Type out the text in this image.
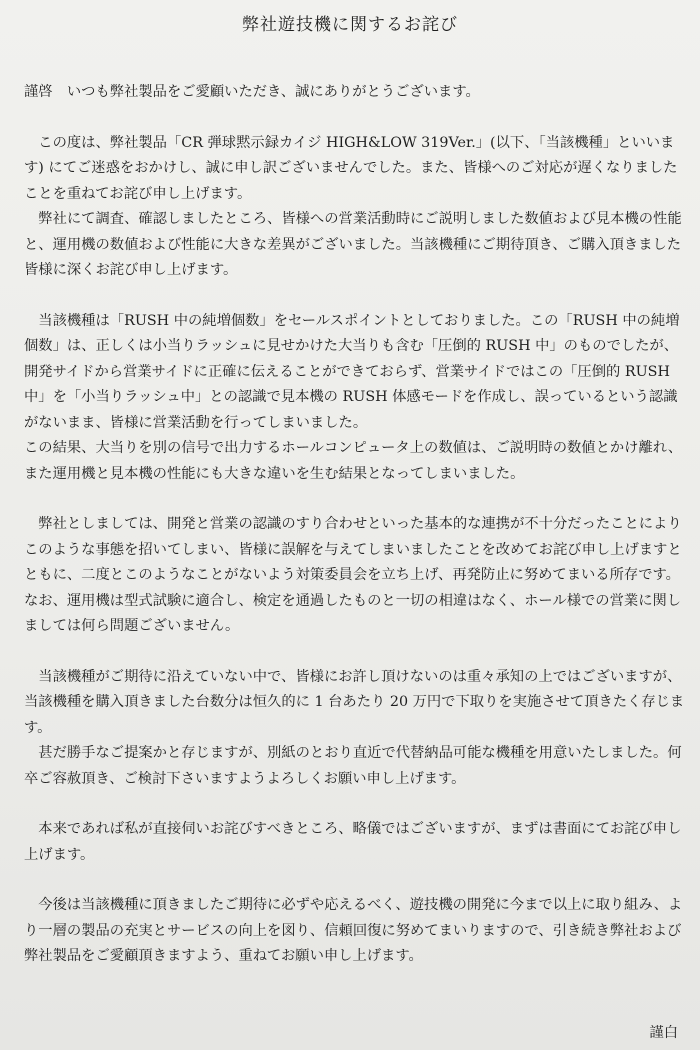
弊社遊技機に関するお詫び

謹啓　いつも弊社製品をご愛顧いただき、誠にありがとうございます。

　この度は、弊社製品「CR 弾球黙示録カイジ HIGH&LOW 319Ver.」(以下、「当該機種」といいます) にてご迷惑をおかけし、誠に申し訳ございませんでした。また、皆様へのご対応が遅くなりましたことを重ねてお詫び申し上げます。

　弊社にて調査、確認しましたところ、皆様への営業活動時にご説明しました数値および見本機の性能と、運用機の数値および性能に大きな差異がございました。当該機種にご期待頂き、ご購入頂きました皆様に深くお詫び申し上げます。

　当該機種は「RUSH 中の純増個数」をセールスポイントとしておりました。この「RUSH 中の純増個数」は、正しくは小当りラッシュに見せかけた大当りも含む「圧倒的 RUSH 中」のものでしたが、開発サイドから営業サイドに正確に伝えることができておらず、営業サイドではこの「圧倒的 RUSH 中」を「小当りラッシュ中」との認識で見本機の RUSH 体感モードを作成し、誤っているという認識がないまま、皆様に営業活動を行ってしまいました。

この結果、大当りを別の信号で出力するホールコンピュータ上の数値は、ご説明時の数値とかけ離れ、また運用機と見本機の性能にも大きな違いを生む結果となってしまいました。

　弊社としましては、開発と営業の認識のすり合わせといった基本的な連携が不十分だったことによりこのような事態を招いてしまい、皆様に誤解を与えてしまいましたことを改めてお詫び申し上げますとともに、二度とこのようなことがないよう対策委員会を立ち上げ、再発防止に努めてまいる所存です。なお、運用機は型式試験に適合し、検定を通過したものと一切の相違はなく、ホール様での営業に関しましては何ら問題ございません。

　当該機種がご期待に沿えていない中で、皆様にお許し頂けないのは重々承知の上ではございますが、当該機種を購入頂きました台数分は恒久的に 1 台あたり 20 万円で下取りを実施させて頂きたく存じます。

　甚だ勝手なご提案かと存じますが、別紙のとおり直近で代替納品可能な機種を用意いたしました。何卒ご容赦頂き、ご検討下さいますようよろしくお願い申し上げます。

　本来であれば私が直接伺いお詫びすべきところ、略儀ではございますが、まずは書面にてお詫び申し上げます。

　今後は当該機種に頂きましたご期待に必ずや応えるべく、遊技機の開発に今まで以上に取り組み、より一層の製品の充実とサービスの向上を図り、信頼回復に努めてまいりますので、引き続き弊社および弊社製品をご愛顧頂きますよう、重ねてお願い申し上げます。

謹白
